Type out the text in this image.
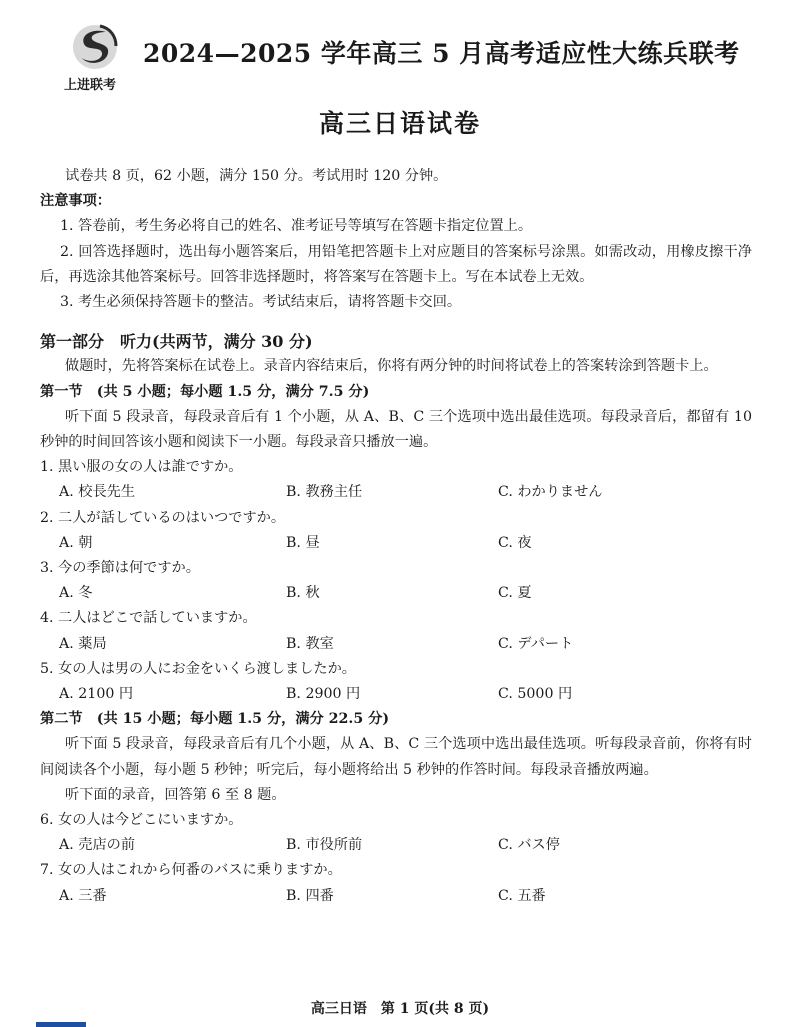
上进联考
2024—2025 学年高三 5 月高考适应性大练兵联考
高三日语试卷

试卷共 8 页，62 小题，满分 150 分。考试用时 120 分钟。

注意事项：

1. 答卷前，考生务必将自己的姓名、准考证号等填写在答题卡指定位置上。

2. 回答选择题时，选出每小题答案后，用铅笔把答题卡上对应题目的答案标号涂黑。如需改动，用橡皮擦干净后，再选涂其他答案标号。回答非选择题时，将答案写在答题卡上。写在本试卷上无效。

3. 考生必须保持答题卡的整洁。考试结束后，请将答题卡交回。

第一部分　听力(共两节，满分 30 分)

做题时，先将答案标在试卷上。录音内容结束后，你将有两分钟的时间将试卷上的答案转涂到答题卡上。

第一节　(共 5 小题；每小题 1.5 分，满分 7.5 分)

听下面 5 段录音，每段录音后有 1 个小题，从 A、B、C 三个选项中选出最佳选项。每段录音后，都留有 10 秒钟的时间回答该小题和阅读下一小题。每段录音只播放一遍。

1. 黒い服の女の人は誰ですか。

A. 校長先生	B. 教務主任	C. わかりません

2. 二人が話しているのはいつですか。

A. 朝	B. 昼	C. 夜

3. 今の季節は何ですか。

A. 冬	B. 秋	C. 夏

4. 二人はどこで話していますか。

A. 薬局	B. 教室	C. デパート

5. 女の人は男の人にお金をいくら渡しましたか。

A. 2100 円	B. 2900 円	C. 5000 円

第二节　(共 15 小题；每小题 1.5 分，满分 22.5 分)

听下面 5 段录音，每段录音后有几个小题，从 A、B、C 三个选项中选出最佳选项。听每段录音前，你将有时间阅读各个小题，每小题 5 秒钟；听完后，每小题将给出 5 秒钟的作答时间。每段录音播放两遍。

听下面的录音，回答第 6 至 8 题。

6. 女の人は今どこにいますか。

A. 売店の前	B. 市役所前	C. バス停

7. 女の人はこれから何番のバスに乗りますか。

A. 三番	B. 四番	C. 五番
高三日语　第 1 页(共 8 页)
